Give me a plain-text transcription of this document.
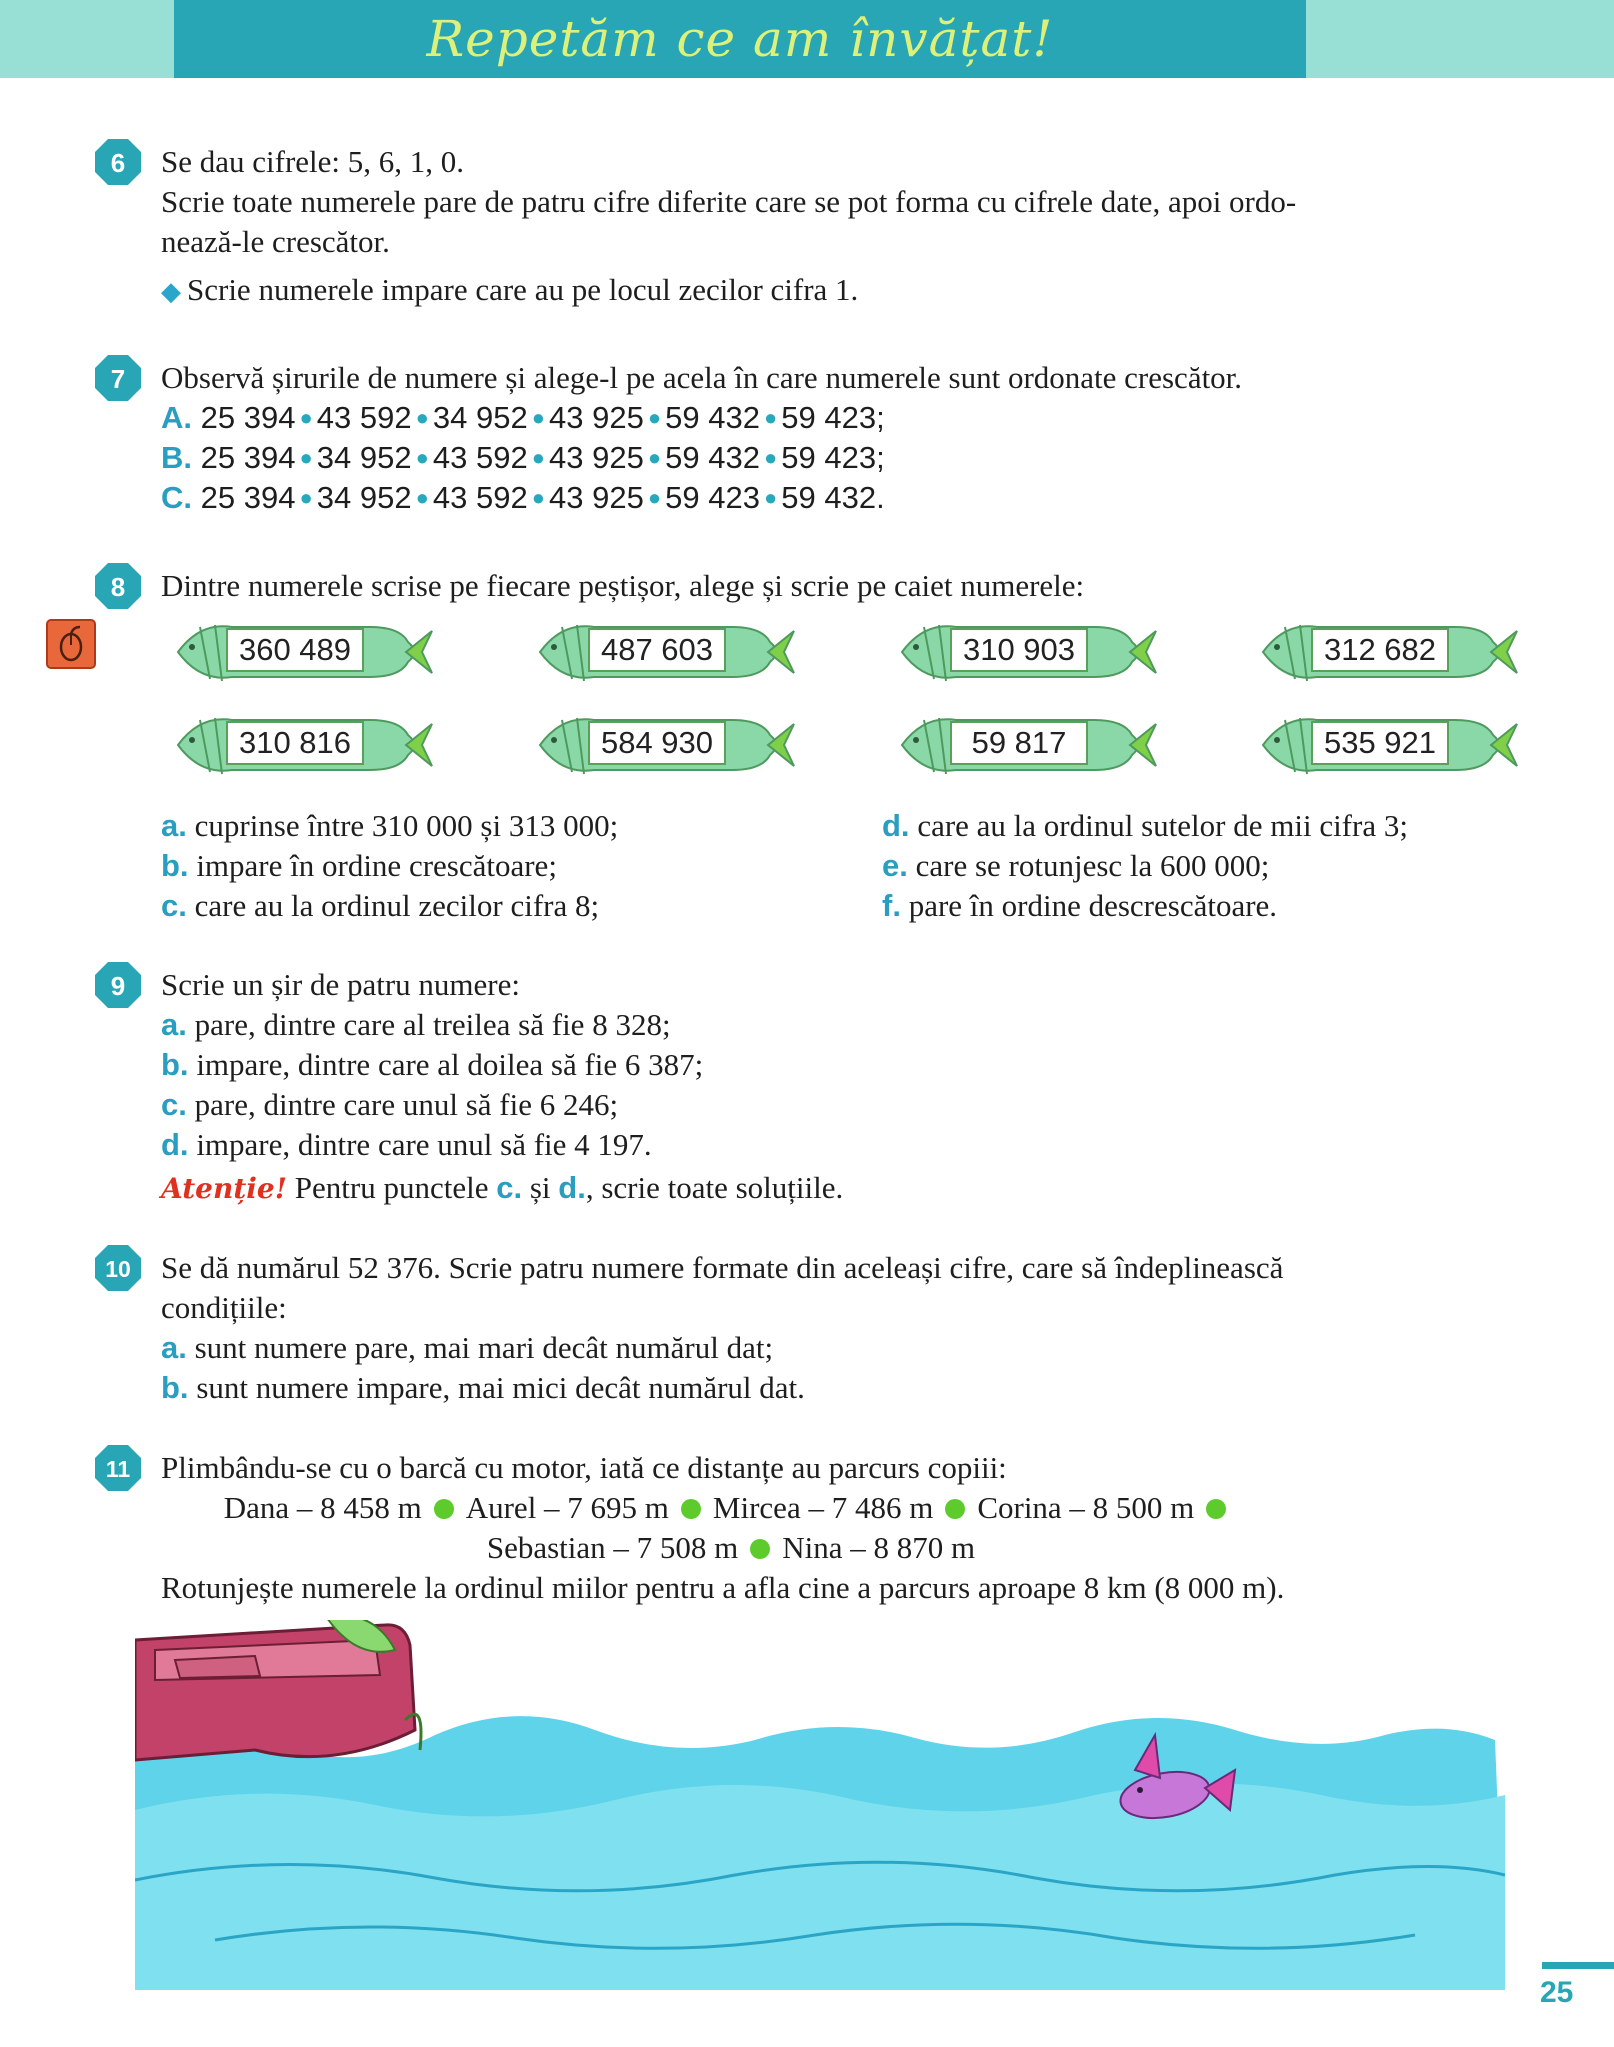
Repetăm ce am învățat!
6 Se dau cifrele: 5, 6, 1, 0.
Scrie toate numerele pare de patru cifre diferite care se pot forma cu cifrele date, apoi ordo-
nează-le crescător.
◆ Scrie numerele impare care au pe locul zecilor cifra 1.
7 Observă șirurile de numere și alege-l pe acela în care numerele sunt ordonate crescător.
A. 25 394 ● 43 592 ● 34 952 ● 43 925 ● 59 432 ● 59 423;
B. 25 394 ● 34 952 ● 43 592 ● 43 925 ● 59 432 ● 59 423;
C. 25 394 ● 34 952 ● 43 592 ● 43 925 ● 59 423 ● 59 432.
8 Dintre numerele scrise pe fiecare peștișor, alege și scrie pe caiet numerele:
360 489	487 603	310 903	312 682
310 816	584 930	59 817	535 921
a. cuprinse între 310 000 și 313 000;
b. impare în ordine crescătoare;
c. care au la ordinul zecilor cifra 8;
d. care au la ordinul sutelor de mii cifra 3;
e. care se rotunjesc la 600 000;
f. pare în ordine descrescătoare.
9 Scrie un șir de patru numere:
a. pare, dintre care al treilea să fie 8 328;
b. impare, dintre care al doilea să fie 6 387;
c. pare, dintre care unul să fie 6 246;
d. impare, dintre care unul să fie 4 197.
Atenție! Pentru punctele c. și d., scrie toate soluțiile.
10 Se dă numărul 52 376. Scrie patru numere formate din aceleași cifre, care să îndeplinească
condițiile:
a. sunt numere pare, mai mari decât numărul dat;
b. sunt numere impare, mai mici decât numărul dat.
11 Plimbându-se cu o barcă cu motor, iată ce distanțe au parcurs copiii:
Dana – 8 458 m Aurel – 7 695 m Mircea – 7 486 m Corina – 8 500 m
Sebastian – 7 508 m Nina – 8 870 m
Rotunjește numerele la ordinul miilor pentru a afla cine a parcurs aproape 8 km (8 000 m).
25
